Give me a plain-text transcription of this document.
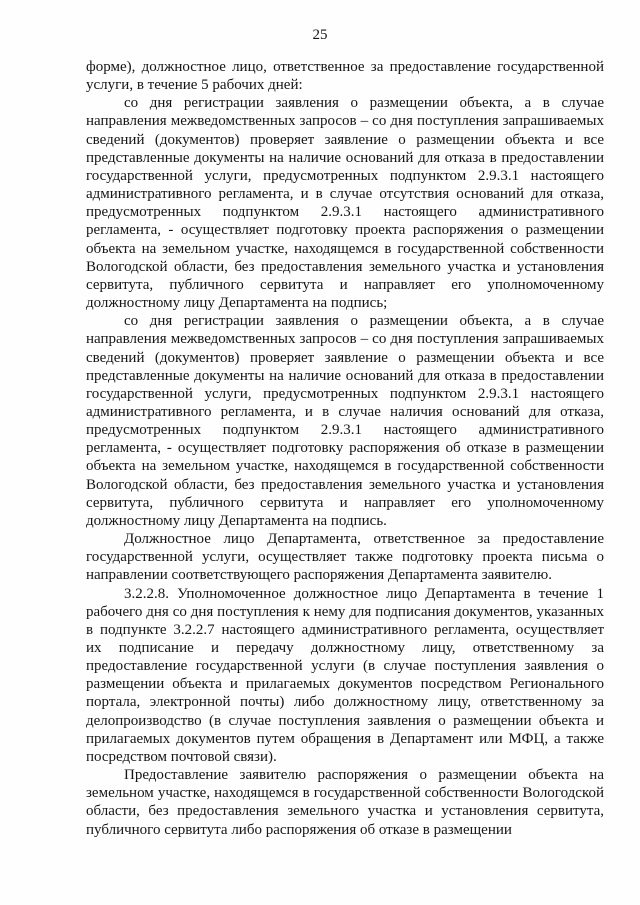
25

форме), должностное лицо, ответственное за предоставление государственной услуги, в течение 5 рабочих дней:

со дня регистрации заявления о размещении объекта, а в случае направления межведомственных запросов – со дня поступления запрашиваемых сведений (документов) проверяет заявление о размещении объекта и все представленные документы на наличие оснований для отказа в предоставлении государственной услуги, предусмотренных подпунктом 2.9.3.1 настоящего административного регламента, и в случае отсутствия оснований для отказа, предусмотренных подпунктом 2.9.3.1 настоящего административного регламента, - осуществляет подготовку проекта распоряжения о размещении объекта на земельном участке, находящемся в государственной собственности Вологодской области, без предоставления земельного участка и установления сервитута, публичного сервитута и направляет его уполномоченному должностному лицу Департамента на подпись;

со дня регистрации заявления о размещении объекта, а в случае направления межведомственных запросов – со дня поступления запрашиваемых сведений (документов) проверяет заявление о размещении объекта и все представленные документы на наличие оснований для отказа в предоставлении государственной услуги, предусмотренных подпунктом 2.9.3.1 настоящего административного регламента, и в случае наличия оснований для отказа, предусмотренных подпунктом 2.9.3.1 настоящего административного регламента, - осуществляет подготовку распоряжения об отказе в размещении объекта на земельном участке, находящемся в государственной собственности Вологодской области, без предоставления земельного участка и установления сервитута, публичного сервитута и направляет его уполномоченному должностному лицу Департамента на подпись.

Должностное лицо Департамента, ответственное за предоставление государственной услуги, осуществляет также подготовку проекта письма о направлении соответствующего распоряжения Департамента заявителю.

3.2.2.8. Уполномоченное должностное лицо Департамента в течение 1 рабочего дня со дня поступления к нему для подписания документов, указанных в подпункте 3.2.2.7 настоящего административного регламента, осуществляет их подписание и передачу должностному лицу, ответственному за предоставление государственной услуги (в случае поступления заявления о размещении объекта и прилагаемых документов посредством Регионального портала, электронной почты) либо должностному лицу, ответственному за делопроизводство (в случае поступления заявления о размещении объекта и прилагаемых документов путем обращения в Департамент или МФЦ, а также посредством почтовой связи).

Предоставление заявителю распоряжения о размещении объекта на земельном участке, находящемся в государственной собственности Вологодской области, без предоставления земельного участка и установления сервитута, публичного сервитута либо распоряжения об отказе в размещении
